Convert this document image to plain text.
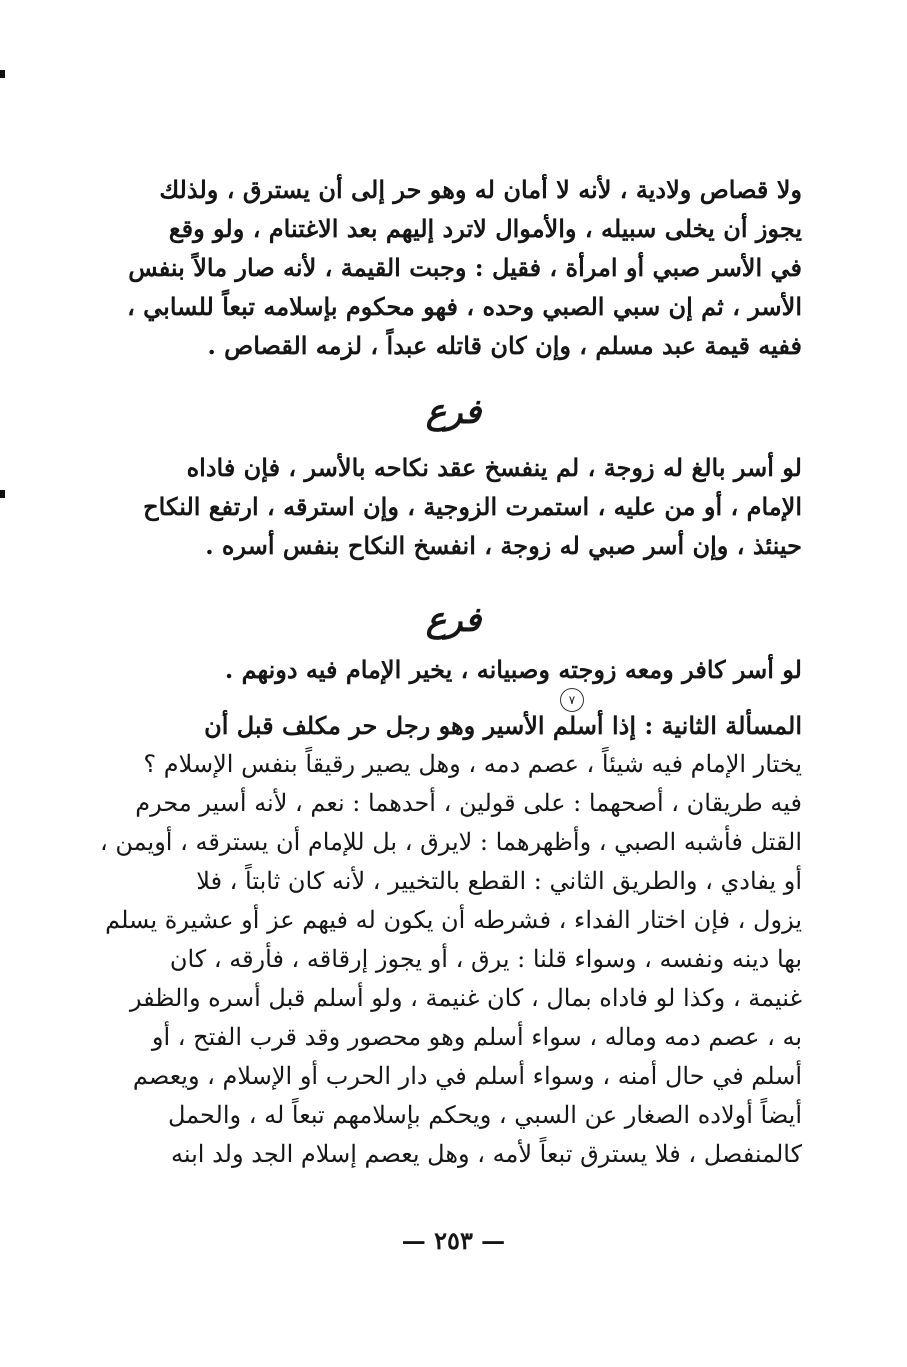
ولا قصاص ولادية ، لأنه لا أمان له وهو حر إلى أن يسترق ، ولذلك
يجوز أن يخلى سبيله ، والأموال لاترد إليهم بعد الاغتنام ، ولو وقع
في الأسر صبي أو امرأة ، فقيل : وجبت القيمة ، لأنه صار مالاً بنفس
الأسر ، ثم إن سبي الصبي وحده ، فهو محكوم بإسلامه تبعاً للسابي ،
ففيه قيمة عبد مسلم ، وإن كان قاتله عبداً ، لزمه القصاص .
فرع
لو أسر بالغ له زوجة ، لم ينفسخ عقد نكاحه بالأسر ، فإن فاداه
الإمام ، أو من عليه ، استمرت الزوجية ، وإن استرقه ، ارتفع النكاح
حينئذ ، وإن أسر صبي له زوجة ، انفسخ النكاح بنفس أسره .
فرع
لو أسر كافر ومعه زوجته وصبيانه ، يخير الإمام فيه دونهم .
٧
المسألة الثانية : إذا أسلم الأسير وهو رجل حر مكلف قبل أن
يختار الإمام فيه شيئاً ، عصم دمه ، وهل يصير رقيقاً بنفس الإسلام ؟
فيه طريقان ، أصحهما : على قولين ، أحدهما : نعم ، لأنه أسير محرم
القتل فأشبه الصبي ، وأظهرهما : لايرق ، بل للإمام أن يسترقه ، أويمن ،
أو يفادي ، والطريق الثاني : القطع بالتخيير ، لأنه كان ثابتاً ، فلا
يزول ، فإن اختار الفداء ، فشرطه أن يكون له فيهم عز أو عشيرة يسلم
بها دينه ونفسه ، وسواء قلنا : يرق ، أو يجوز إرقاقه ، فأرقه ، كان
غنيمة ، وكذا لو فاداه بمال ، كان غنيمة ، ولو أسلم قبل أسره والظفر
به ، عصم دمه وماله ، سواء أسلم وهو محصور وقد قرب الفتح ، أو
أسلم في حال أمنه ، وسواء أسلم في دار الحرب أو الإسلام ، ويعصم
أيضاً أولاده الصغار عن السبي ، ويحكم بإسلامهم تبعاً له ، والحمل
كالمنفصل ، فلا يسترق تبعاً لأمه ، وهل يعصم إسلام الجد ولد ابنه
— ٢٥٣ —
